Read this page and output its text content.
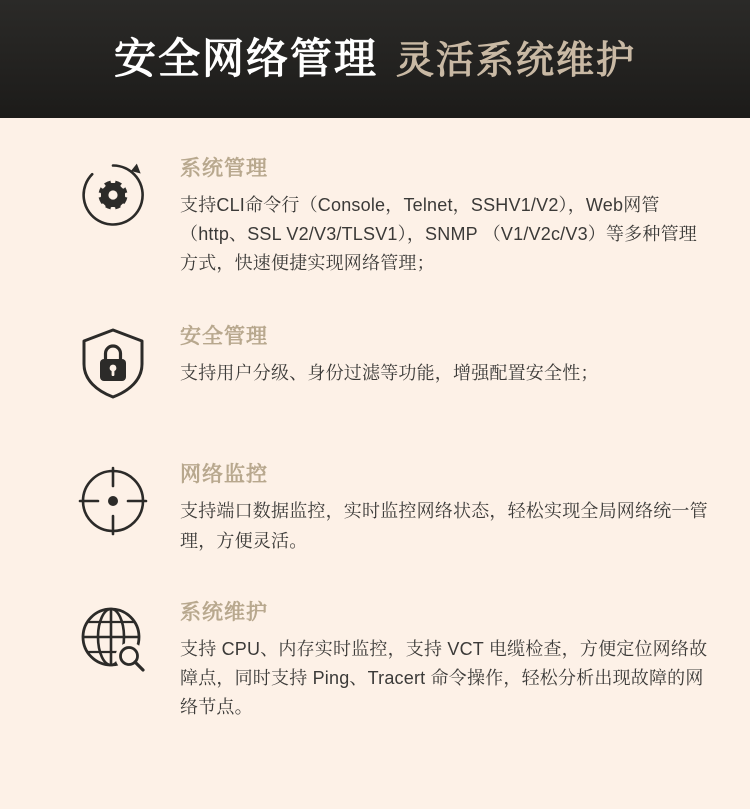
安全网络管理 灵活系统维护
系统管理

支持CLI命令行（Console，Telnet，SSHV1/V2），Web网管（http、SSL V2/V3/TLSV1），SNMP （V1/V2c/V3）等多种管理方式，快速便捷实现网络管理；

安全管理

支持用户分级、身份过滤等功能，增强配置安全性；

网络监控

支持端口数据监控，实时监控网络状态，轻松实现全局网络统一管理，方便灵活。

系统维护

支持 CPU、内存实时监控，支持 VCT 电缆检查，方便定位网络故障点，同时支持 Ping、Tracert 命令操作，轻松分析出现故障的网络节点。
